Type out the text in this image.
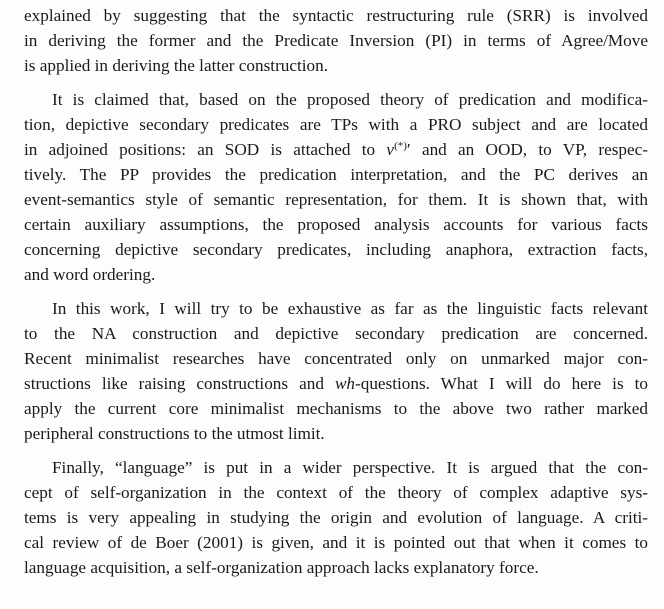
explained by suggesting that the syntactic restructuring rule (SRR) is involved
in deriving the former and the Predicate Inversion (PI) in terms of Agree/Move
is applied in deriving the latter construction.
It is claimed that, based on the proposed theory of predication and modifica-
tion, depictive secondary predicates are TPs with a PRO subject and are located
in adjoined positions: an SOD is attached to v(*)′ and an OOD, to VP, respec-
tively. The PP provides the predication interpretation, and the PC derives an
event-semantics style of semantic representation, for them. It is shown that, with
certain auxiliary assumptions, the proposed analysis accounts for various facts
concerning depictive secondary predicates, including anaphora, extraction facts,
and word ordering.
In this work, I will try to be exhaustive as far as the linguistic facts relevant
to the NA construction and depictive secondary predication are concerned.
Recent minimalist researches have concentrated only on unmarked major con-
structions like raising constructions and wh-questions. What I will do here is to
apply the current core minimalist mechanisms to the above two rather marked
peripheral constructions to the utmost limit.
Finally, “language” is put in a wider perspective. It is argued that the con-
cept of self-organization in the context of the theory of complex adaptive sys-
tems is very appealing in studying the origin and evolution of language. A criti-
cal review of de Boer (2001) is given, and it is pointed out that when it comes to
language acquisition, a self-organization approach lacks explanatory force.
